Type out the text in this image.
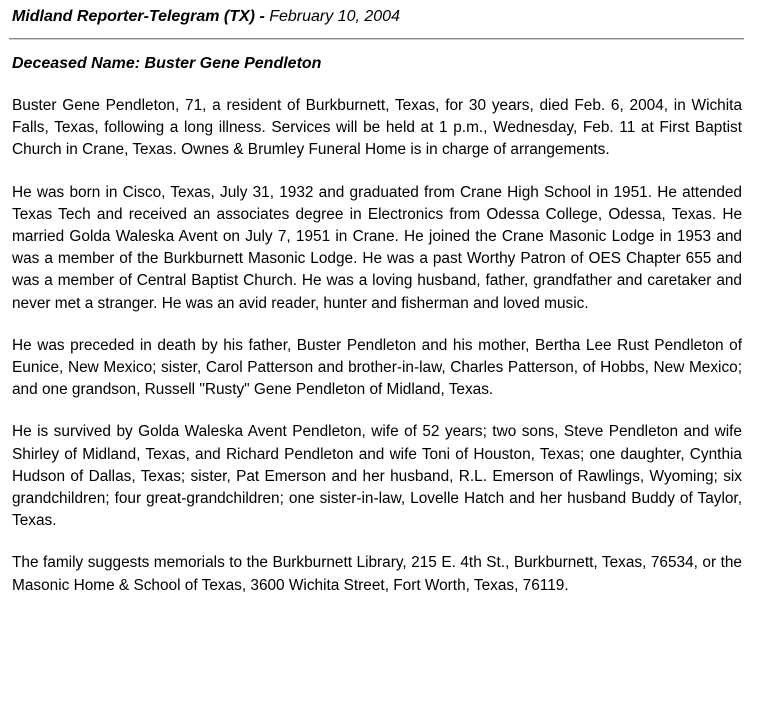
Midland Reporter-Telegram (TX) - February 10, 2004
Deceased Name: Buster Gene Pendleton

Buster Gene Pendleton, 71, a resident of Burkburnett, Texas, for 30 years, died Feb. 6, 2004, in Wichita Falls, Texas, following a long illness. Services will be held at 1 p.m., Wednesday, Feb. 11 at First Baptist Church in Crane, Texas. Ownes & Brumley Funeral Home is in charge of arrangements.

He was born in Cisco, Texas, July 31, 1932 and graduated from Crane High School in 1951. He attended Texas Tech and received an associates degree in Electronics from Odessa College, Odessa, Texas. He married Golda Waleska Avent on July 7, 1951 in Crane. He joined the Crane Masonic Lodge in 1953 and was a member of the Burkburnett Masonic Lodge. He was a past Worthy Patron of OES Chapter 655 and was a member of Central Baptist Church. He was a loving husband, father, grandfather and caretaker and never met a stranger. He was an avid reader, hunter and fisherman and loved music.

He was preceded in death by his father, Buster Pendleton and his mother, Bertha Lee Rust Pendleton of Eunice, New Mexico; sister, Carol Patterson and brother-in-law, Charles Patterson, of Hobbs, New Mexico; and one grandson, Russell "Rusty" Gene Pendleton of Midland, Texas.

He is survived by Golda Waleska Avent Pendleton, wife of 52 years; two sons, Steve Pendleton and wife Shirley of Midland, Texas, and Richard Pendleton and wife Toni of Houston, Texas; one daughter, Cynthia Hudson of Dallas, Texas; sister, Pat Emerson and her husband, R.L. Emerson of Rawlings, Wyoming; six grandchildren; four great-grandchildren; one sister-in-law, Lovelle Hatch and her husband Buddy of Taylor, Texas.

The family suggests memorials to the Burkburnett Library, 215 E. 4th St., Burkburnett, Texas, 76534, or the Masonic Home & School of Texas, 3600 Wichita Street, Fort Worth, Texas, 76119.
